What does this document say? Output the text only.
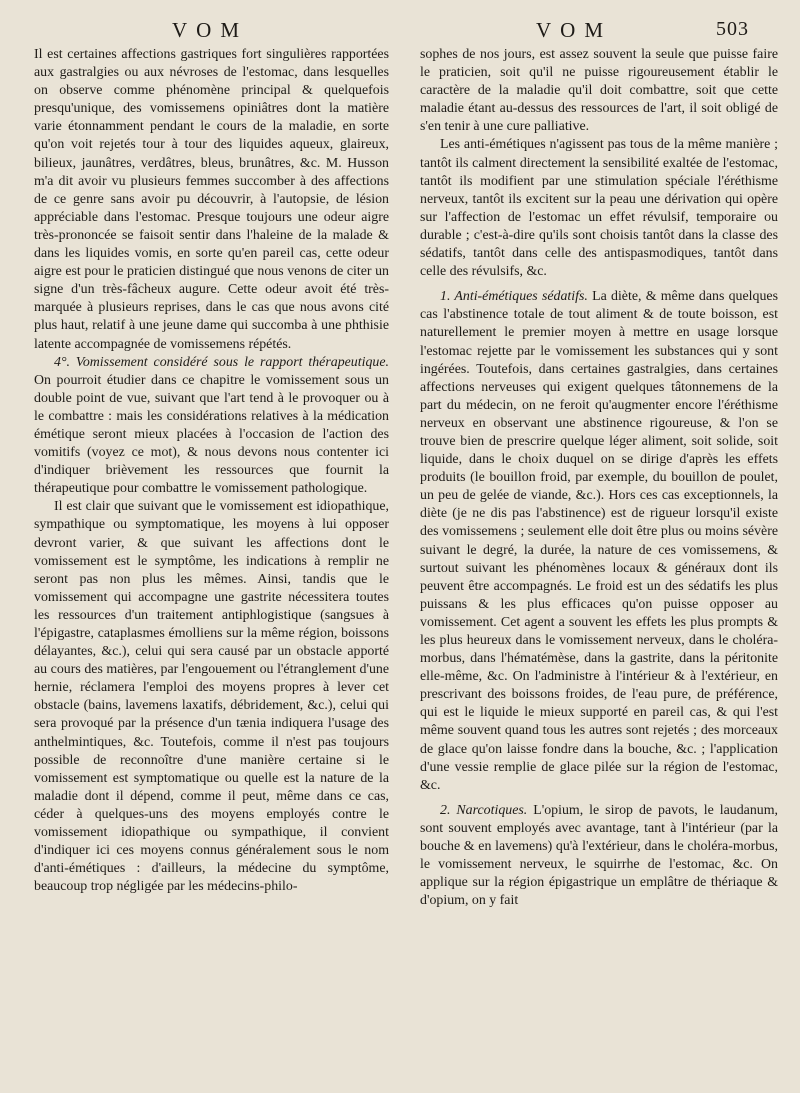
VOM	VOM	503

Il est certaines affections gastriques fort singulières rapportées aux gastralgies ou aux névroses de l'estomac, dans lesquelles on observe comme phénomène principal & quelquefois presqu'unique, des vomissemens opiniâtres dont la matière varie étonnamment pendant le cours de la maladie, en sorte qu'on voit rejetés tour à tour des liquides aqueux, glaireux, bilieux, jaunâtres, verdâtres, bleus, brunâtres, &c. M. Husson m'a dit avoir vu plusieurs femmes succomber à des affections de ce genre sans avoir pu découvrir, à l'autopsie, de lésion appréciable dans l'estomac. Presque toujours une odeur aigre très-prononcée se faisoit sentir dans l'haleine de la malade & dans les liquides vomis, en sorte qu'en pareil cas, cette odeur aigre est pour le praticien distingué que nous venons de citer un signe d'un très-fâcheux augure. Cette odeur avoit été très-marquée à plusieurs reprises, dans le cas que nous avons cité plus haut, relatif à une jeune dame qui succomba à une phthisie latente accompagnée de vomissemens répétés.

4°. Vomissement considéré sous le rapport thérapeutique. On pourroit étudier dans ce chapitre le vomissement sous un double point de vue, suivant que l'art tend à le provoquer ou à le combattre : mais les considérations relatives à la médication émétique seront mieux placées à l'occasion de l'action des vomitifs (voyez ce mot), & nous devons nous contenter ici d'indiquer brièvement les ressources que fournit la thérapeutique pour combattre le vomissement pathologique.

Il est clair que suivant que le vomissement est idiopathique, sympathique ou symptomatique, les moyens à lui opposer devront varier, & que suivant les affections dont le vomissement est le symptôme, les indications à remplir ne seront pas non plus les mêmes. Ainsi, tandis que le vomissement qui accompagne une gastrite nécessitera toutes les ressources d'un traitement antiphlogistique (sangsues à l'épigastre, cataplasmes émolliens sur la même région, boissons délayantes, &c.), celui qui sera causé par un obstacle apporté au cours des matières, par l'engouement ou l'étranglement d'une hernie, réclamera l'emploi des moyens propres à lever cet obstacle (bains, lavemens laxatifs, débridement, &c.), celui qui sera provoqué par la présence d'un tænia indiquera l'usage des anthelmintiques, &c. Toutefois, comme il n'est pas toujours possible de reconnoître d'une manière certaine si le vomissement est symptomatique ou quelle est la nature de la maladie dont il dépend, comme il peut, même dans ce cas, céder à quelques-uns des moyens employés contre le vomissement idiopathique ou sympathique, il convient d'indiquer ici ces moyens connus généralement sous le nom d'anti-émétiques : d'ailleurs, la médecine du symptôme, beaucoup trop négligée par les médecins-philo-

sophes de nos jours, est assez souvent la seule que puisse faire le praticien, soit qu'il ne puisse rigoureusement établir le caractère de la maladie qu'il doit combattre, soit que cette maladie étant au-dessus des ressources de l'art, il soit obligé de s'en tenir à une cure palliative.

Les anti-émétiques n'agissent pas tous de la même manière ; tantôt ils calment directement la sensibilité exaltée de l'estomac, tantôt ils modifient par une stimulation spéciale l'éréthisme nerveux, tantôt ils excitent sur la peau une dérivation qui opère sur l'affection de l'estomac un effet révulsif, temporaire ou durable ; c'est-à-dire qu'ils sont choisis tantôt dans la classe des sédatifs, tantôt dans celle des antispasmodiques, tantôt dans celle des révulsifs, &c.

1. Anti-émétiques sédatifs. La diète, & même dans quelques cas l'abstinence totale de tout aliment & de toute boisson, est naturellement le premier moyen à mettre en usage lorsque l'estomac rejette par le vomissement les substances qui y sont ingérées. Toutefois, dans certaines gastralgies, dans certaines affections nerveuses qui exigent quelques tâtonnemens de la part du médecin, on ne feroit qu'augmenter encore l'éréthisme nerveux en observant une abstinence rigoureuse, & l'on se trouve bien de prescrire quelque léger aliment, soit solide, soit liquide, dans le choix duquel on se dirige d'après les effets produits (le bouillon froid, par exemple, du bouillon de poulet, un peu de gelée de viande, &c.). Hors ces cas exceptionnels, la diète (je ne dis pas l'abstinence) est de rigueur lorsqu'il existe des vomissemens ; seulement elle doit être plus ou moins sévère suivant le degré, la durée, la nature de ces vomissemens, & surtout suivant les phénomènes locaux & généraux dont ils peuvent être accompagnés. Le froid est un des sédatifs les plus puissans & les plus efficaces qu'on puisse opposer au vomissement. Cet agent a souvent les effets les plus prompts & les plus heureux dans le vomissement nerveux, dans le choléra-morbus, dans l'hématémèse, dans la gastrite, dans la péritonite elle-même, &c. On l'administre à l'intérieur & à l'extérieur, en prescrivant des boissons froides, de l'eau pure, de préférence, qui est le liquide le mieux supporté en pareil cas, & qui l'est même souvent quand tous les autres sont rejetés ; des morceaux de glace qu'on laisse fondre dans la bouche, &c. ; l'application d'une vessie remplie de glace pilée sur la région de l'estomac, &c.

2. Narcotiques. L'opium, le sirop de pavots, le laudanum, sont souvent employés avec avantage, tant à l'intérieur (par la bouche & en lavemens) qu'à l'extérieur, dans le choléra-morbus, le vomissement nerveux, le squirrhe de l'estomac, &c. On applique sur la région épigastrique un emplâtre de thériaque & d'opium, on y fait
